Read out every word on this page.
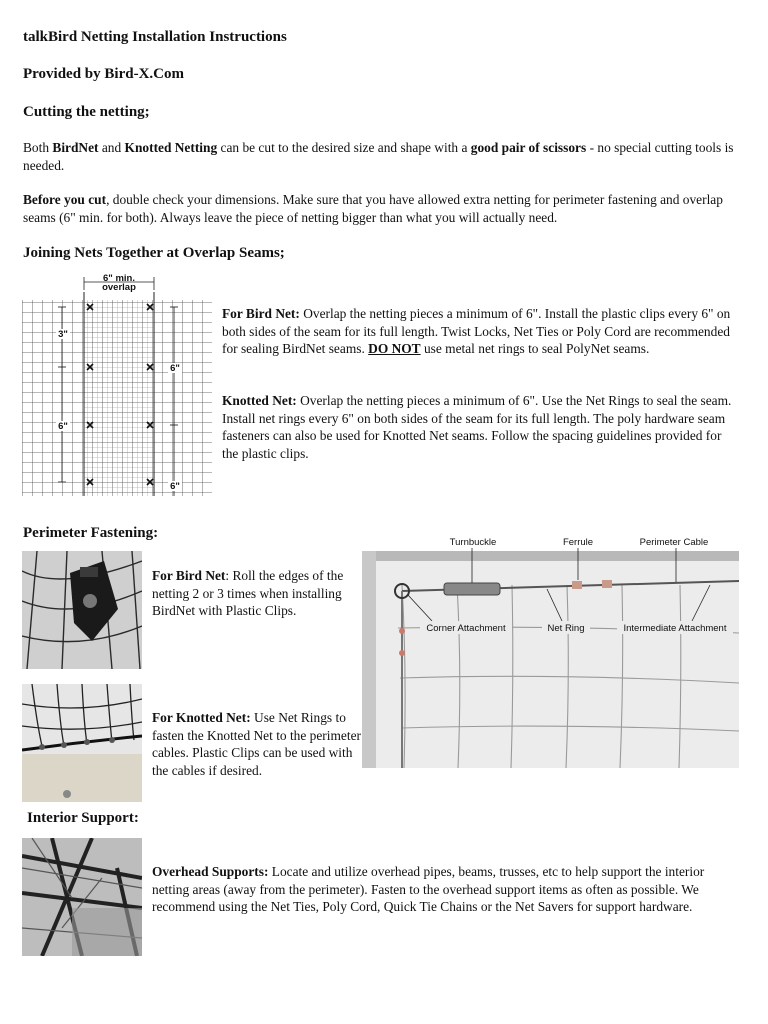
talkBird Netting Installation Instructions
Provided by Bird-X.Com
Cutting the netting;

Both BirdNet and Knotted Netting can be cut to the desired size and shape with a good pair of scissors - no special cutting tools is needed.

Before you cut, double check your dimensions. Make sure that you have allowed extra netting for perimeter fastening and overlap seams (6" min. for both). Always leave the piece of netting bigger than what you will actually need.

Joining Nets Together at Overlap Seams;
6" min.
overlap
3"
6"
6"
6"

For Bird Net: Overlap the netting pieces a minimum of 6". Install the plastic clips every 6" on both sides of the seam for its full length. Twist Locks, Net Ties or Poly Cord are recommended for sealing BirdNet seams. DO NOT use metal net rings to seal PolyNet seams.

Knotted Net: Overlap the netting pieces a minimum of 6". Use the Net Rings to seal the seam. Install net rings every 6" on both sides of the seam for its full length. The poly hardware seam fasteners can also be used for Knotted Net seams. Follow the spacing guidelines provided for the plastic clips.

Perimeter Fastening:

For Bird Net: Roll the edges of the netting 2 or 3 times when installing BirdNet with Plastic Clips.

For Knotted Net: Use Net Rings to fasten the Knotted Net to the perimeter cables. Plastic Clips can be used with the cables if desired.

Turnbuckle	Ferrule	Perimeter Cable
Corner Attachment	Net Ring	Intermediate Attachment
Interior Support:

Overhead Supports: Locate and utilize overhead pipes, beams, trusses, etc to help support the interior netting areas (away from the perimeter). Fasten to the overhead support items as often as possible. We recommend using the Net Ties, Poly Cord, Quick Tie Chains or the Net Savers for support hardware.
